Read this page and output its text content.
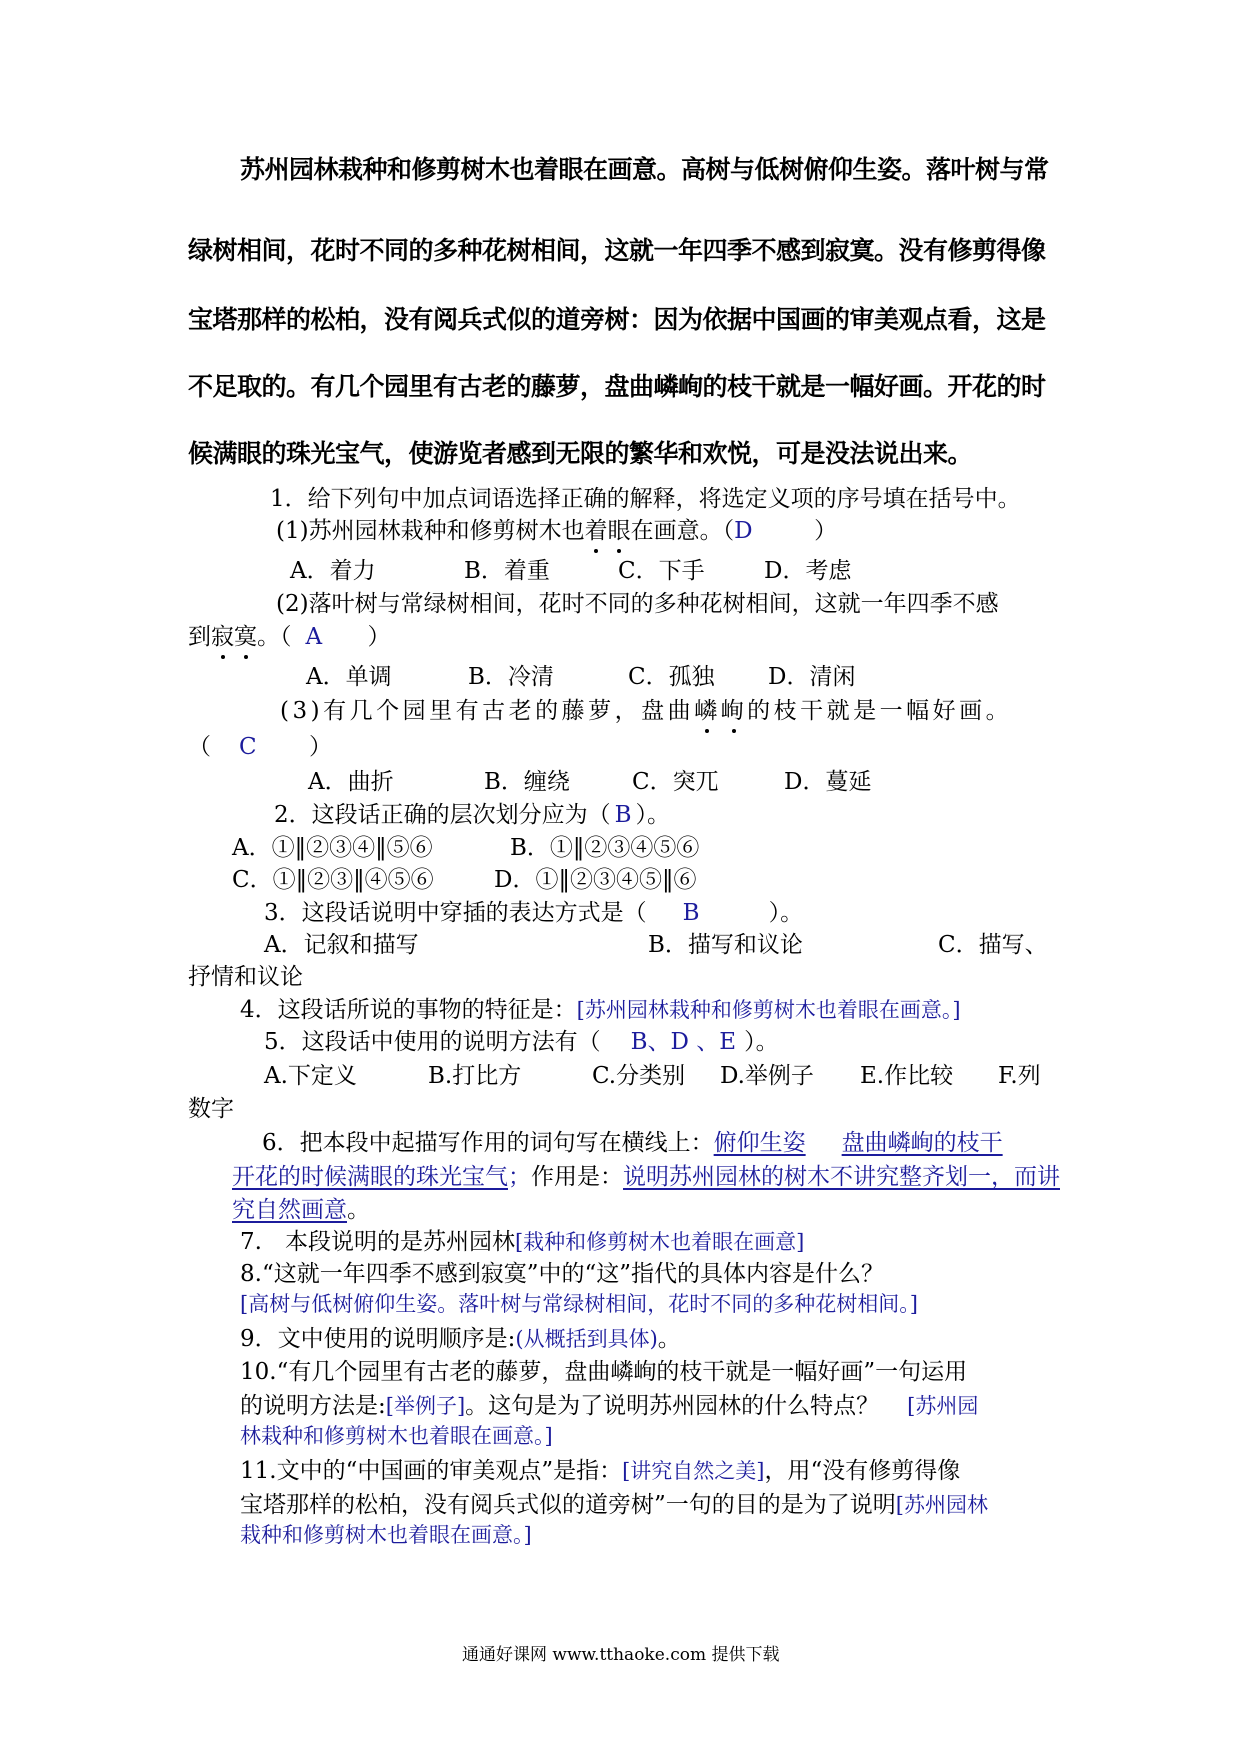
苏州园林栽种和修剪树木也着眼在画意。高树与低树俯仰生姿。落叶树与常
绿树相间，花时不同的多种花树相间，这就一年四季不感到寂寞。没有修剪得像
宝塔那样的松柏，没有阅兵式似的道旁树：因为依据中国画的审美观点看，这是
不足取的。有几个园里有古老的藤萝，盘曲嶙峋的枝干就是一幅好画。开花的时
候满眼的珠光宝气，使游览者感到无限的繁华和欢悦，可是没法说出来。
1．给下列句中加点词语选择正确的解释，将选定义项的序号填在括号中。
(1)苏州园林栽种和修剪树木也着眼在画意。（D	）
A．着力	B．着重	C．下手	D．考虑
(2)落叶树与常绿树相间，花时不同的多种花树相间，这就一年四季不感
到寂寞。（ A ）
A．单调	B．冷清	C．孤独 D．清闲
(3)有几个园里有古老的藤萝，盘曲嶙峋的枝干就是一幅好画。
（ C ）
A．曲折	B．缠绕	C．突兀	D．蔓延
2．这段话正确的层次划分应为（ B ）。
A．①‖②③④‖⑤⑥	B．①‖②③④⑤⑥
C．①‖②③‖④⑤⑥	D．①‖②③④⑤‖⑥
3．这段话说明中穿插的表达方式是（ B	）。
A．记叙和描写	B．描写和议论	C．描写、
抒情和议论
4．这段话所说的事物的特征是：[苏州园林栽种和修剪树木也着眼在画意。]
5．这段话中使用的说明方法有（ B、D 、E ）。
A.下定义	B.打比方	C.分类别 D.举例子 E.作比较 F.列
数字
6．把本段中起描写作用的词句写在横线上：俯仰生姿 盘曲嶙峋的枝干
开花的时候满眼的珠光宝气；作用是：说明苏州园林的树木不讲究整齐划一，而讲
究自然画意。
7.　本段说明的是苏州园林[栽种和修剪树木也着眼在画意]
8.“这就一年四季不感到寂寞”中的“这”指代的具体内容是什么？
[高树与低树俯仰生姿。落叶树与常绿树相间，花时不同的多种花树相间。]
9．文中使用的说明顺序是:(从概括到具体)。
10.“有几个园里有古老的藤萝，盘曲嶙峋的枝干就是一幅好画”一句运用
的说明方法是:[举例子]。这句是为了说明苏州园林的什么特点？ [苏州园
林栽种和修剪树木也着眼在画意。]
11.文中的“中国画的审美观点”是指：[讲究自然之美]，用“没有修剪得像
宝塔那样的松柏，没有阅兵式似的道旁树”一句的目的是为了说明[苏州园林
栽种和修剪树木也着眼在画意。]
通通好课网 www.tthaoke.com 提供下载
